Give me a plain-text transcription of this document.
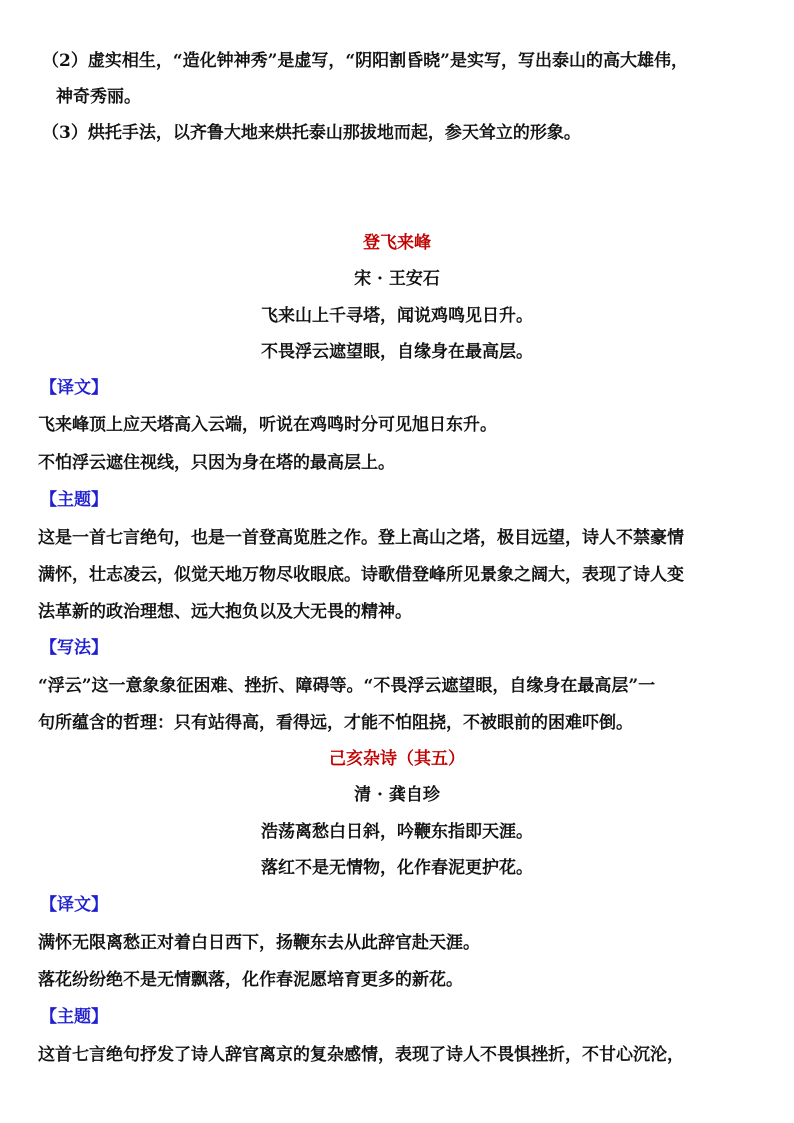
（2）虚实相生，“造化钟神秀”是虚写，“阴阳割昏晓”是实写，写出泰山的高大雄伟，
神奇秀丽。
（3）烘托手法，以齐鲁大地来烘托泰山那拔地而起，参天耸立的形象。
登飞来峰
宋 · 王安石
飞来山上千寻塔，闻说鸡鸣见日升。
不畏浮云遮望眼，自缘身在最高层。
【译文】
飞来峰顶上应天塔高入云端，听说在鸡鸣时分可见旭日东升。
不怕浮云遮住视线，只因为身在塔的最高层上。
【主题】
这是一首七言绝句，也是一首登高览胜之作。登上高山之塔，极目远望，诗人不禁豪情
满怀，壮志凌云，似觉天地万物尽收眼底。诗歌借登峰所见景象之阔大，表现了诗人变
法革新的政治理想、远大抱负以及大无畏的精神。
【写法】
“浮云”这一意象象征困难、挫折、障碍等。“不畏浮云遮望眼，自缘身在最高层”一
句所蕴含的哲理：只有站得高，看得远，才能不怕阻挠，不被眼前的困难吓倒。
己亥杂诗（其五）
清 · 龚自珍
浩荡离愁白日斜，吟鞭东指即天涯。
落红不是无情物，化作春泥更护花。
【译文】
满怀无限离愁正对着白日西下，扬鞭东去从此辞官赴天涯。
落花纷纷绝不是无情飘落，化作春泥愿培育更多的新花。
【主题】
这首七言绝句抒发了诗人辞官离京的复杂感情，表现了诗人不畏惧挫折，不甘心沉沦，
